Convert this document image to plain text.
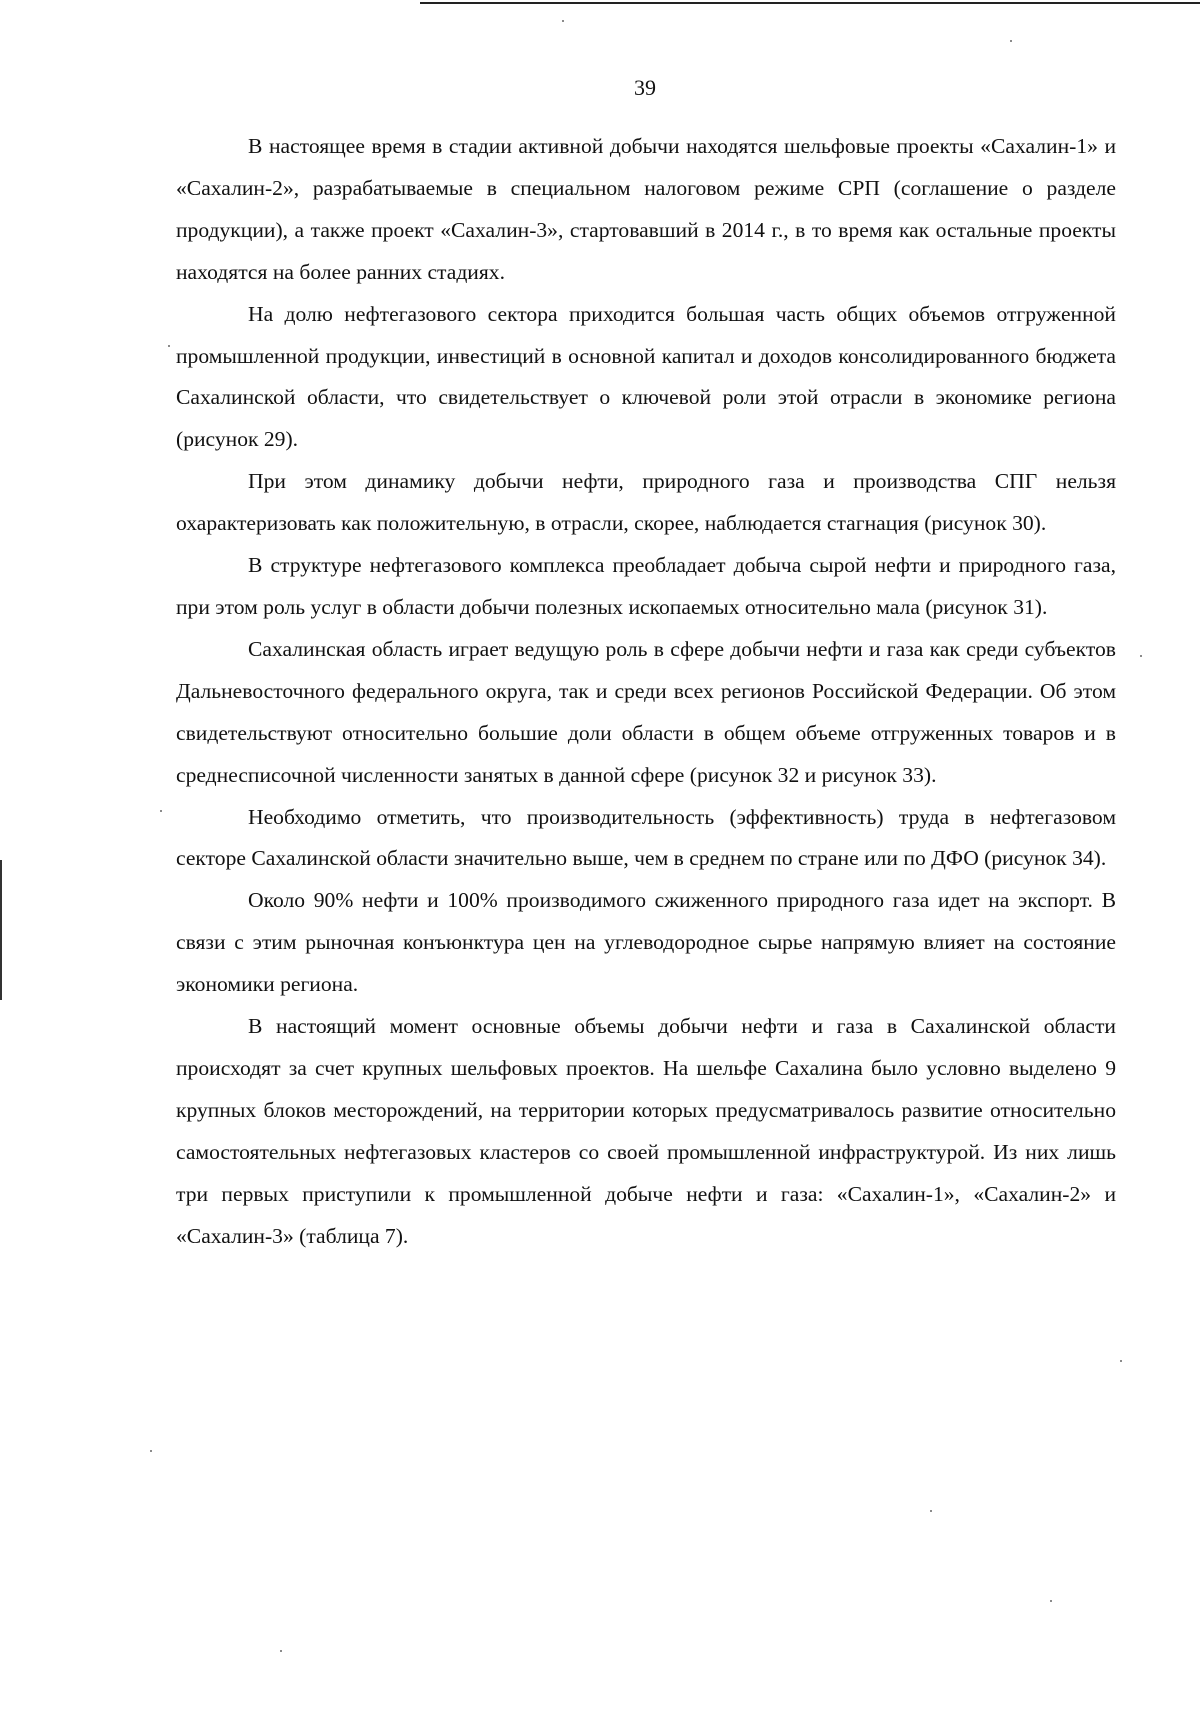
39

В настоящее время в стадии активной добычи находятся шельфовые проекты «Сахалин-1» и «Сахалин-2», разрабатываемые в специальном налоговом режиме СРП (соглашение о разделе продукции), а также проект «Сахалин-3», стартовавший в 2014 г., в то время как остальные проекты находятся на более ранних стадиях.

На долю нефтегазового сектора приходится большая часть общих объемов отгруженной промышленной продукции, инвестиций в основной капитал и доходов консолидированного бюджета Сахалинской области, что свидетельствует о ключевой роли этой отрасли в экономике региона (рисунок 29).

При этом динамику добычи нефти, природного газа и производства СПГ нельзя охарактеризовать как положительную, в отрасли, скорее, наблюдается стагнация (рисунок 30).

В структуре нефтегазового комплекса преобладает добыча сырой нефти и природного газа, при этом роль услуг в области добычи полезных ископаемых относительно мала (рисунок 31).

Сахалинская область играет ведущую роль в сфере добычи нефти и газа как среди субъектов Дальневосточного федерального округа, так и среди всех регионов Российской Федерации. Об этом свидетельствуют относительно большие доли области в общем объеме отгруженных товаров и в среднесписочной численности занятых в данной сфере (рисунок 32 и рисунок 33).

Необходимо отметить, что производительность (эффективность) труда в нефтегазовом секторе Сахалинской области значительно выше, чем в среднем по стране или по ДФО (рисунок 34).

Около 90% нефти и 100% производимого сжиженного природного газа идет на экспорт. В связи с этим рыночная конъюнктура цен на углеводородное сырье напрямую влияет на состояние экономики региона.

В настоящий момент основные объемы добычи нефти и газа в Сахалинской области происходят за счет крупных шельфовых проектов. На шельфе Сахалина было условно выделено 9 крупных блоков месторождений, на территории которых предусматривалось развитие относительно самостоятельных нефтегазовых кластеров со своей промышленной инфраструктурой. Из них лишь три первых приступили к промышленной добыче нефти и газа: «Сахалин-1», «Сахалин-2» и «Сахалин-3» (таблица 7).
